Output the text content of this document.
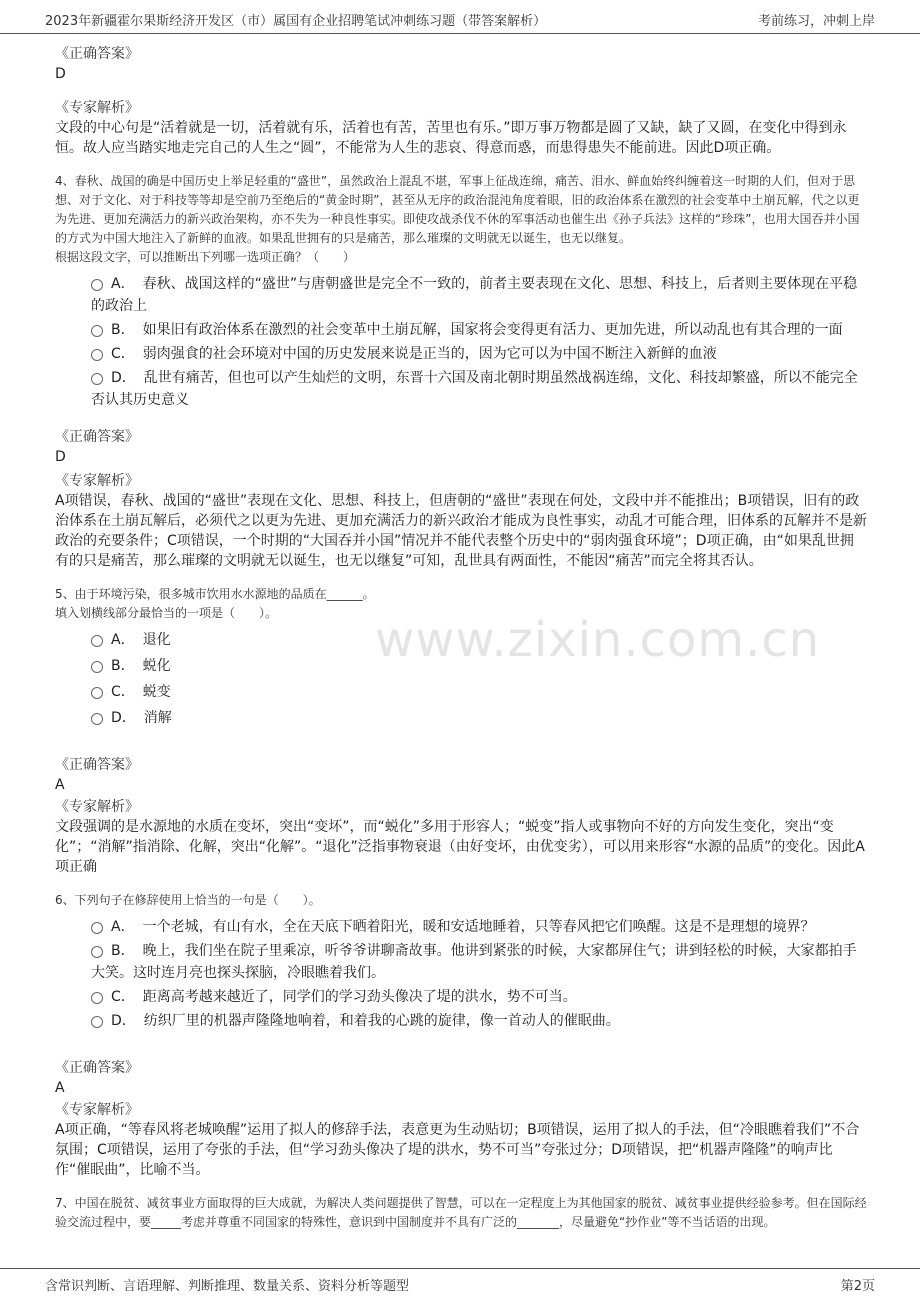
2023年新疆霍尔果斯经济开发区（市）属国有企业招聘笔试冲刺练习题（带答案解析）	考前练习，冲刺上岸
www.zixin.com.cn
《正确答案》
D
《专家解析》
文段的中心句是“活着就是一切，活着就有乐，活着也有苦，苦里也有乐。”即万事万物都是圆了又缺，缺了又圆，在变化中得到永恒。故人应当踏实地走完自己的人生之“圆”，不能常为人生的悲哀、得意而惑，而患得患失不能前进。因此D项正确。
4、春秋、战国的确是中国历史上举足轻重的“盛世”，虽然政治上混乱不堪，军事上征战连绵，痛苦、泪水、鲜血始终纠缠着这一时期的人们，但对于思想、对于文化、对于科技等等却是空前乃至绝后的“黄金时期”，甚至从无序的政治混沌角度着眼，旧的政治体系在激烈的社会变革中土崩瓦解，代之以更为先进、更加充满活力的新兴政治架构，亦不失为一种良性事实。即使攻战杀伐不休的军事活动也催生出《孙子兵法》这样的“珍珠”，也用大国吞并小国的方式为中国大地注入了新鲜的血液。如果乱世拥有的只是痛苦，那么璀璨的文明就无以诞生，也无以继复。
根据这段文字，可以推断出下列哪一选项正确？（　　）
A． 春秋、战国这样的“盛世”与唐朝盛世是完全不一致的，前者主要表现在文化、思想、科技上，后者则主要体现在平稳的政治上
B． 如果旧有政治体系在激烈的社会变革中土崩瓦解，国家将会变得更有活力、更加先进，所以动乱也有其合理的一面
C． 弱肉强食的社会环境对中国的历史发展来说是正当的，因为它可以为中国不断注入新鲜的血液
D． 乱世有痛苦，但也可以产生灿烂的文明，东晋十六国及南北朝时期虽然战祸连绵，文化、科技却繁盛，所以不能完全否认其历史意义
《正确答案》
D
《专家解析》
A项错误，春秋、战国的“盛世”表现在文化、思想、科技上，但唐朝的“盛世”表现在何处，文段中并不能推出；B项错误，旧有的政治体系在土崩瓦解后，必须代之以更为先进、更加充满活力的新兴政治才能成为良性事实，动乱才可能合理，旧体系的瓦解并不是新政治的充要条件；C项错误，一个时期的“大国吞并小国”情况并不能代表整个历史中的“弱肉强食环境”；D项正确，由“如果乱世拥有的只是痛苦，那么璀璨的文明就无以诞生，也无以继复”可知，乱世具有两面性，不能因“痛苦”而完全将其否认。
5、由于环境污染，很多城市饮用水水源地的品质在______。
填入划横线部分最恰当的一项是（　　）。
A． 退化
B． 蜕化
C． 蜕变
D． 消解
《正确答案》
A
《专家解析》
文段强调的是水源地的水质在变坏，突出“变坏”，而“蜕化”多用于形容人；“蜕变”指人或事物向不好的方向发生变化，突出“变化”；“消解”指消除、化解，突出“化解”。“退化”泛指事物衰退（由好变坏，由优变劣），可以用来形容“水源的品质”的变化。因此A项正确
6、下列句子在修辞使用上恰当的一句是（　　）。
A． 一个老城，有山有水，全在天底下晒着阳光，暖和安适地睡着，只等春风把它们唤醒。这是不是理想的境界？
B． 晚上，我们坐在院子里乘凉，听爷爷讲聊斋故事。他讲到紧张的时候，大家都屏住气；讲到轻松的时候，大家都拍手大笑。这时连月亮也探头探脑，冷眼瞧着我们。
C． 距离高考越来越近了，同学们的学习劲头像决了堤的洪水，势不可当。
D． 纺织厂里的机器声隆隆地响着，和着我的心跳的旋律，像一首动人的催眠曲。
《正确答案》
A
《专家解析》
A项正确，“等春风将老城唤醒”运用了拟人的修辞手法，表意更为生动贴切；B项错误，运用了拟人的手法，但“冷眼瞧着我们”不合氛围；C项错误，运用了夸张的手法，但“学习劲头像决了堤的洪水，势不可当”夸张过分；D项错误，把“机器声隆隆”的响声比作“催眠曲”，比喻不当。
7、中国在脱贫、减贫事业方面取得的巨大成就，为解决人类问题提供了智慧，可以在一定程度上为其他国家的脱贫、减贫事业提供经验参考。但在国际经验交流过程中，要_____考虑并尊重不同国家的特殊性，意识到中国制度并不具有广泛的_______，尽量避免“抄作业”等不当话语的出现。
含常识判断、言语理解、判断推理、数量关系、资料分析等题型	第2页
